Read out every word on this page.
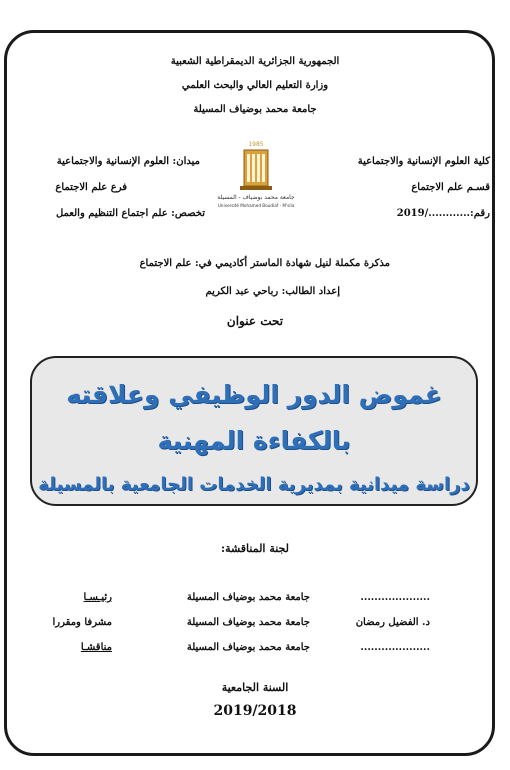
الجمهورية الجزائرية الديمقراطية الشعبية
وزارة التعليم العالي والبحث العلمي
جامعة محمد بوضياف المسيلة
كلية العلوم الإنسانية والاجتماعية
قسـم علم الاجتماع
رقم:............/2019
ميدان: العلوم الإنسانية والاجتماعية
فرع علم الاجتماع
تخصص: علم اجتماع التنظيم والعمل
1985
جامعة محمد بوضياف - المسيلة
Université Mohamed Boudiaf - M'sila
مذكرة مكملة لنيل شهادة الماستر أكاديمي في: علم الاجتماع
إعداد الطالب: رباحي عبد الكريم
تحت عنوان
غموض الدور الوظيفي وعلاقته بالكفاءة المهنية
دراسة ميدانية بمديرية الخدمات الجامعية بالمسيلة
لجنة المناقشة:
....................
جامعة محمد بوضياف المسيلة
رئيـسـا
د. الفضيل رمضان
جامعة محمد بوضياف المسيلة
مشرفا ومقررا
....................
جامعة محمد بوضياف المسيلة
مناقشـا
السنة الجامعية
2019/2018
